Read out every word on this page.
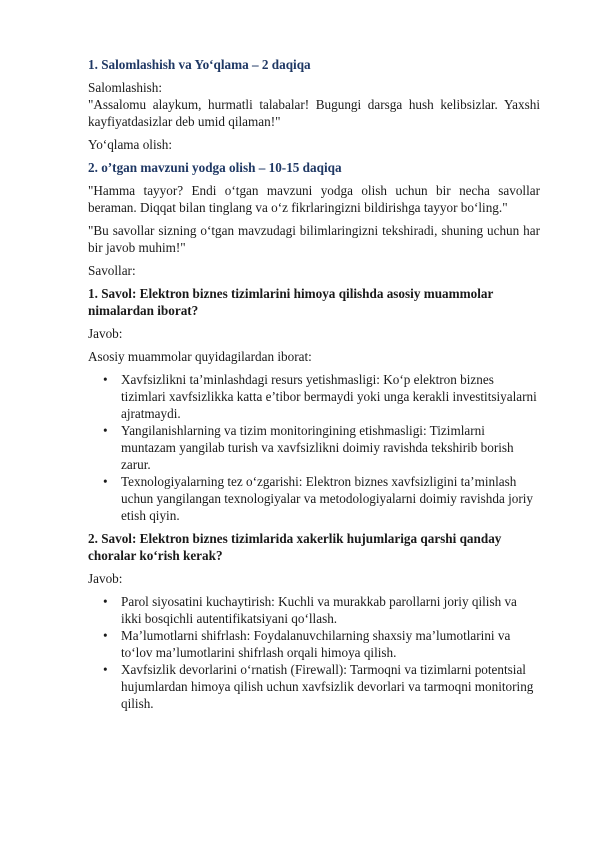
1. Salomlashish va Yo‘qlama – 2 daqiqa
Salomlashish:
"Assalomu alaykum, hurmatli talabalar! Bugungi darsga hush kelibsizlar. Yaxshi kayfiyatdasizlar deb umid qilaman!"
Yo‘qlama olish:
2. o’tgan mavzuni yodga olish – 10-15 daqiqa
"Hamma tayyor? Endi o‘tgan mavzuni yodga olish uchun bir necha savollar beraman. Diqqat bilan tinglang va o‘z fikrlaringizni bildirishga tayyor bo‘ling."
"Bu savollar sizning o‘tgan mavzudagi bilimlaringizni tekshiradi, shuning uchun har bir javob muhim!"
Savollar:
1. Savol: Elektron biznes tizimlarini himoya qilishda asosiy muammolar nimalardan iborat?
Javob:
Asosiy muammolar quyidagilardan iborat:
• Xavfsizlikni ta’minlashdagi resurs yetishmasligi: Ko‘p elektron biznes tizimlari xavfsizlikka katta e’tibor bermaydi yoki unga kerakli investitsiyalarni ajratmaydi.
• Yangilanishlarning va tizim monitoringining etishmasligi: Tizimlarni muntazam yangilab turish va xavfsizlikni doimiy ravishda tekshirib borish zarur.
• Texnologiyalarning tez o‘zgarishi: Elektron biznes xavfsizligini ta’minlash uchun yangilangan texnologiyalar va metodologiyalarni doimiy ravishda joriy etish qiyin.
2. Savol: Elektron biznes tizimlarida xakerlik hujumlariga qarshi qanday choralar ko‘rish kerak?
Javob:
• Parol siyosatini kuchaytirish: Kuchli va murakkab parollarni joriy qilish va ikki bosqichli autentifikatsiyani qo‘llash.
• Ma’lumotlarni shifrlash: Foydalanuvchilarning shaxsiy ma’lumotlarini va to‘lov ma’lumotlarini shifrlash orqali himoya qilish.
• Xavfsizlik devorlarini o‘rnatish (Firewall): Tarmoqni va tizimlarni potentsial hujumlardan himoya qilish uchun xavfsizlik devorlari va tarmoqni monitoring qilish.
